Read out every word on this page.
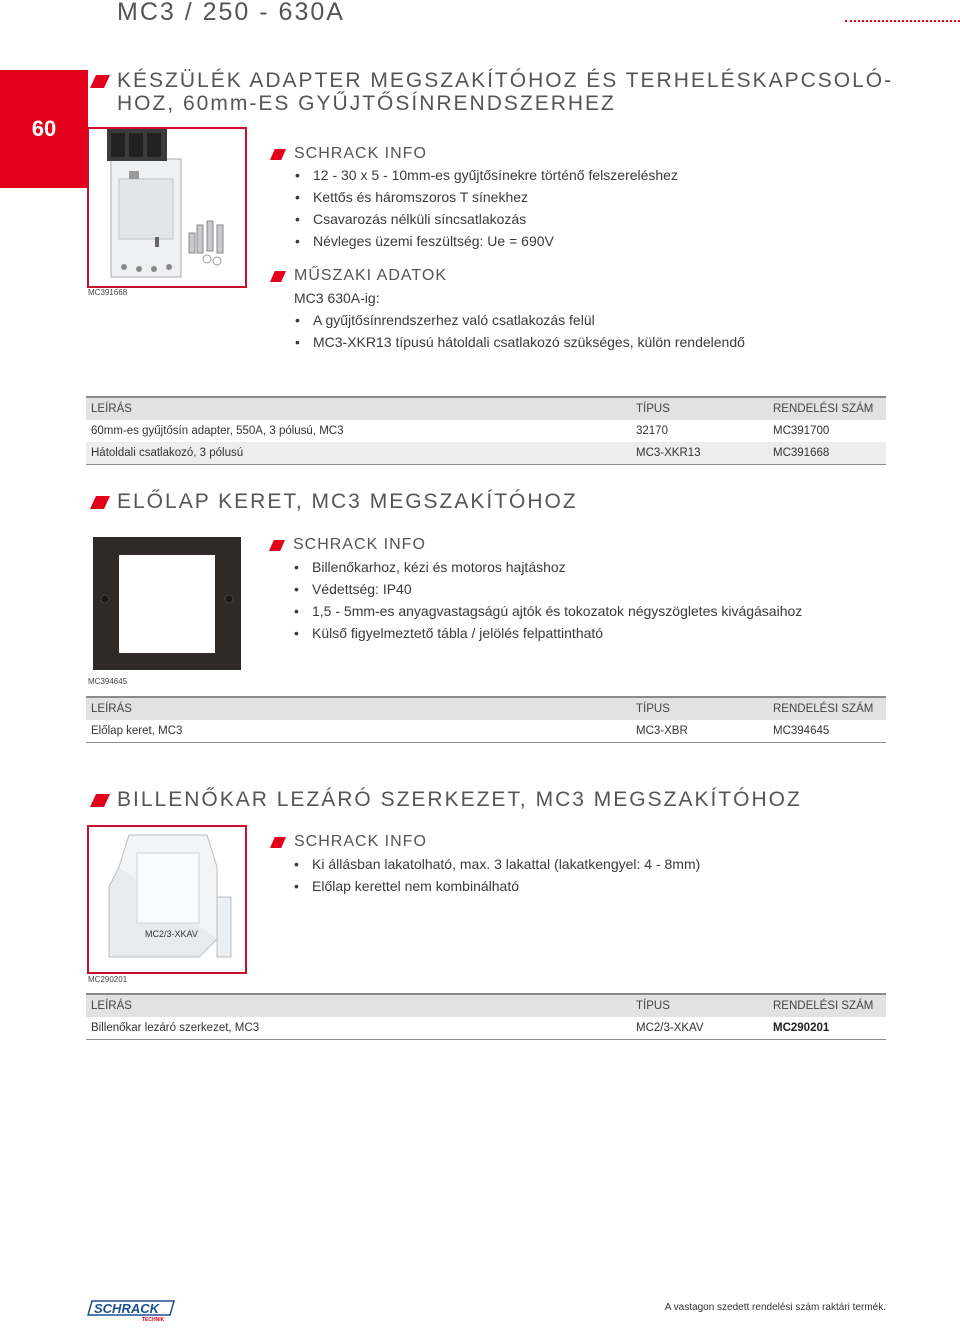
MC3 / 250 - 630A
60
KÉSZÜLÉK ADAPTER MEGSZAKÍTÓHOZ ÉS TERHELÉSKAPCSOLÓ-
HOZ, 60mm-ES GYŰJTŐSÍNRENDSZERHEZ
MC391668
SCHRACK INFO
• 12 - 30 x 5 - 10mm-es gyűjtősínekre történő felszereléshez
• Kettős és háromszoros T sínekhez
• Csavarozás nélküli síncsatlakozás
• Névleges üzemi feszültség: Ue = 690V
MŰSZAKI ADATOK
MC3 630A-ig:
• A gyűjtősínrendszerhez való csatlakozás felül
• MC3-XKR13 típusú hátoldali csatlakozó szükséges, külön rendelendő
LEÍRÁS	TÍPUS	RENDELÉSI SZÁM
60mm-es gyűjtősín adapter, 550A, 3 pólusú, MC3	32170	MC391700
Hátoldali csatlakozó, 3 pólusú	MC3-XKR13	MC391668
ELŐLAP KERET, MC3 MEGSZAKÍTÓHOZ
MC394645
SCHRACK INFO
• Billenőkarhoz, kézi és motoros hajtáshoz
• Védettség: IP40
• 1,5 - 5mm-es anyagvastagságú ajtók és tokozatok négyszögletes kivágásaihoz
• Külső figyelmeztető tábla / jelölés felpattintható
LEÍRÁS	TÍPUS	RENDELÉSI SZÁM
Előlap keret, MC3	MC3-XBR	MC394645
BILLENŐKAR LEZÁRÓ SZERKEZET, MC3 MEGSZAKÍTÓHOZ
MC2/3-XKAV
MC290201
SCHRACK INFO
• Ki állásban lakatolható, max. 3 lakattal (lakatkengyel: 4 - 8mm)
• Előlap kerettel nem kombinálható
LEÍRÁS	TÍPUS	RENDELÉSI SZÁM
Billenőkar lezáró szerkezet, MC3	MC2/3-XKAV	MC290201
SCHRACK
TECHNIK
A vastagon szedett rendelési szám raktári termék.
